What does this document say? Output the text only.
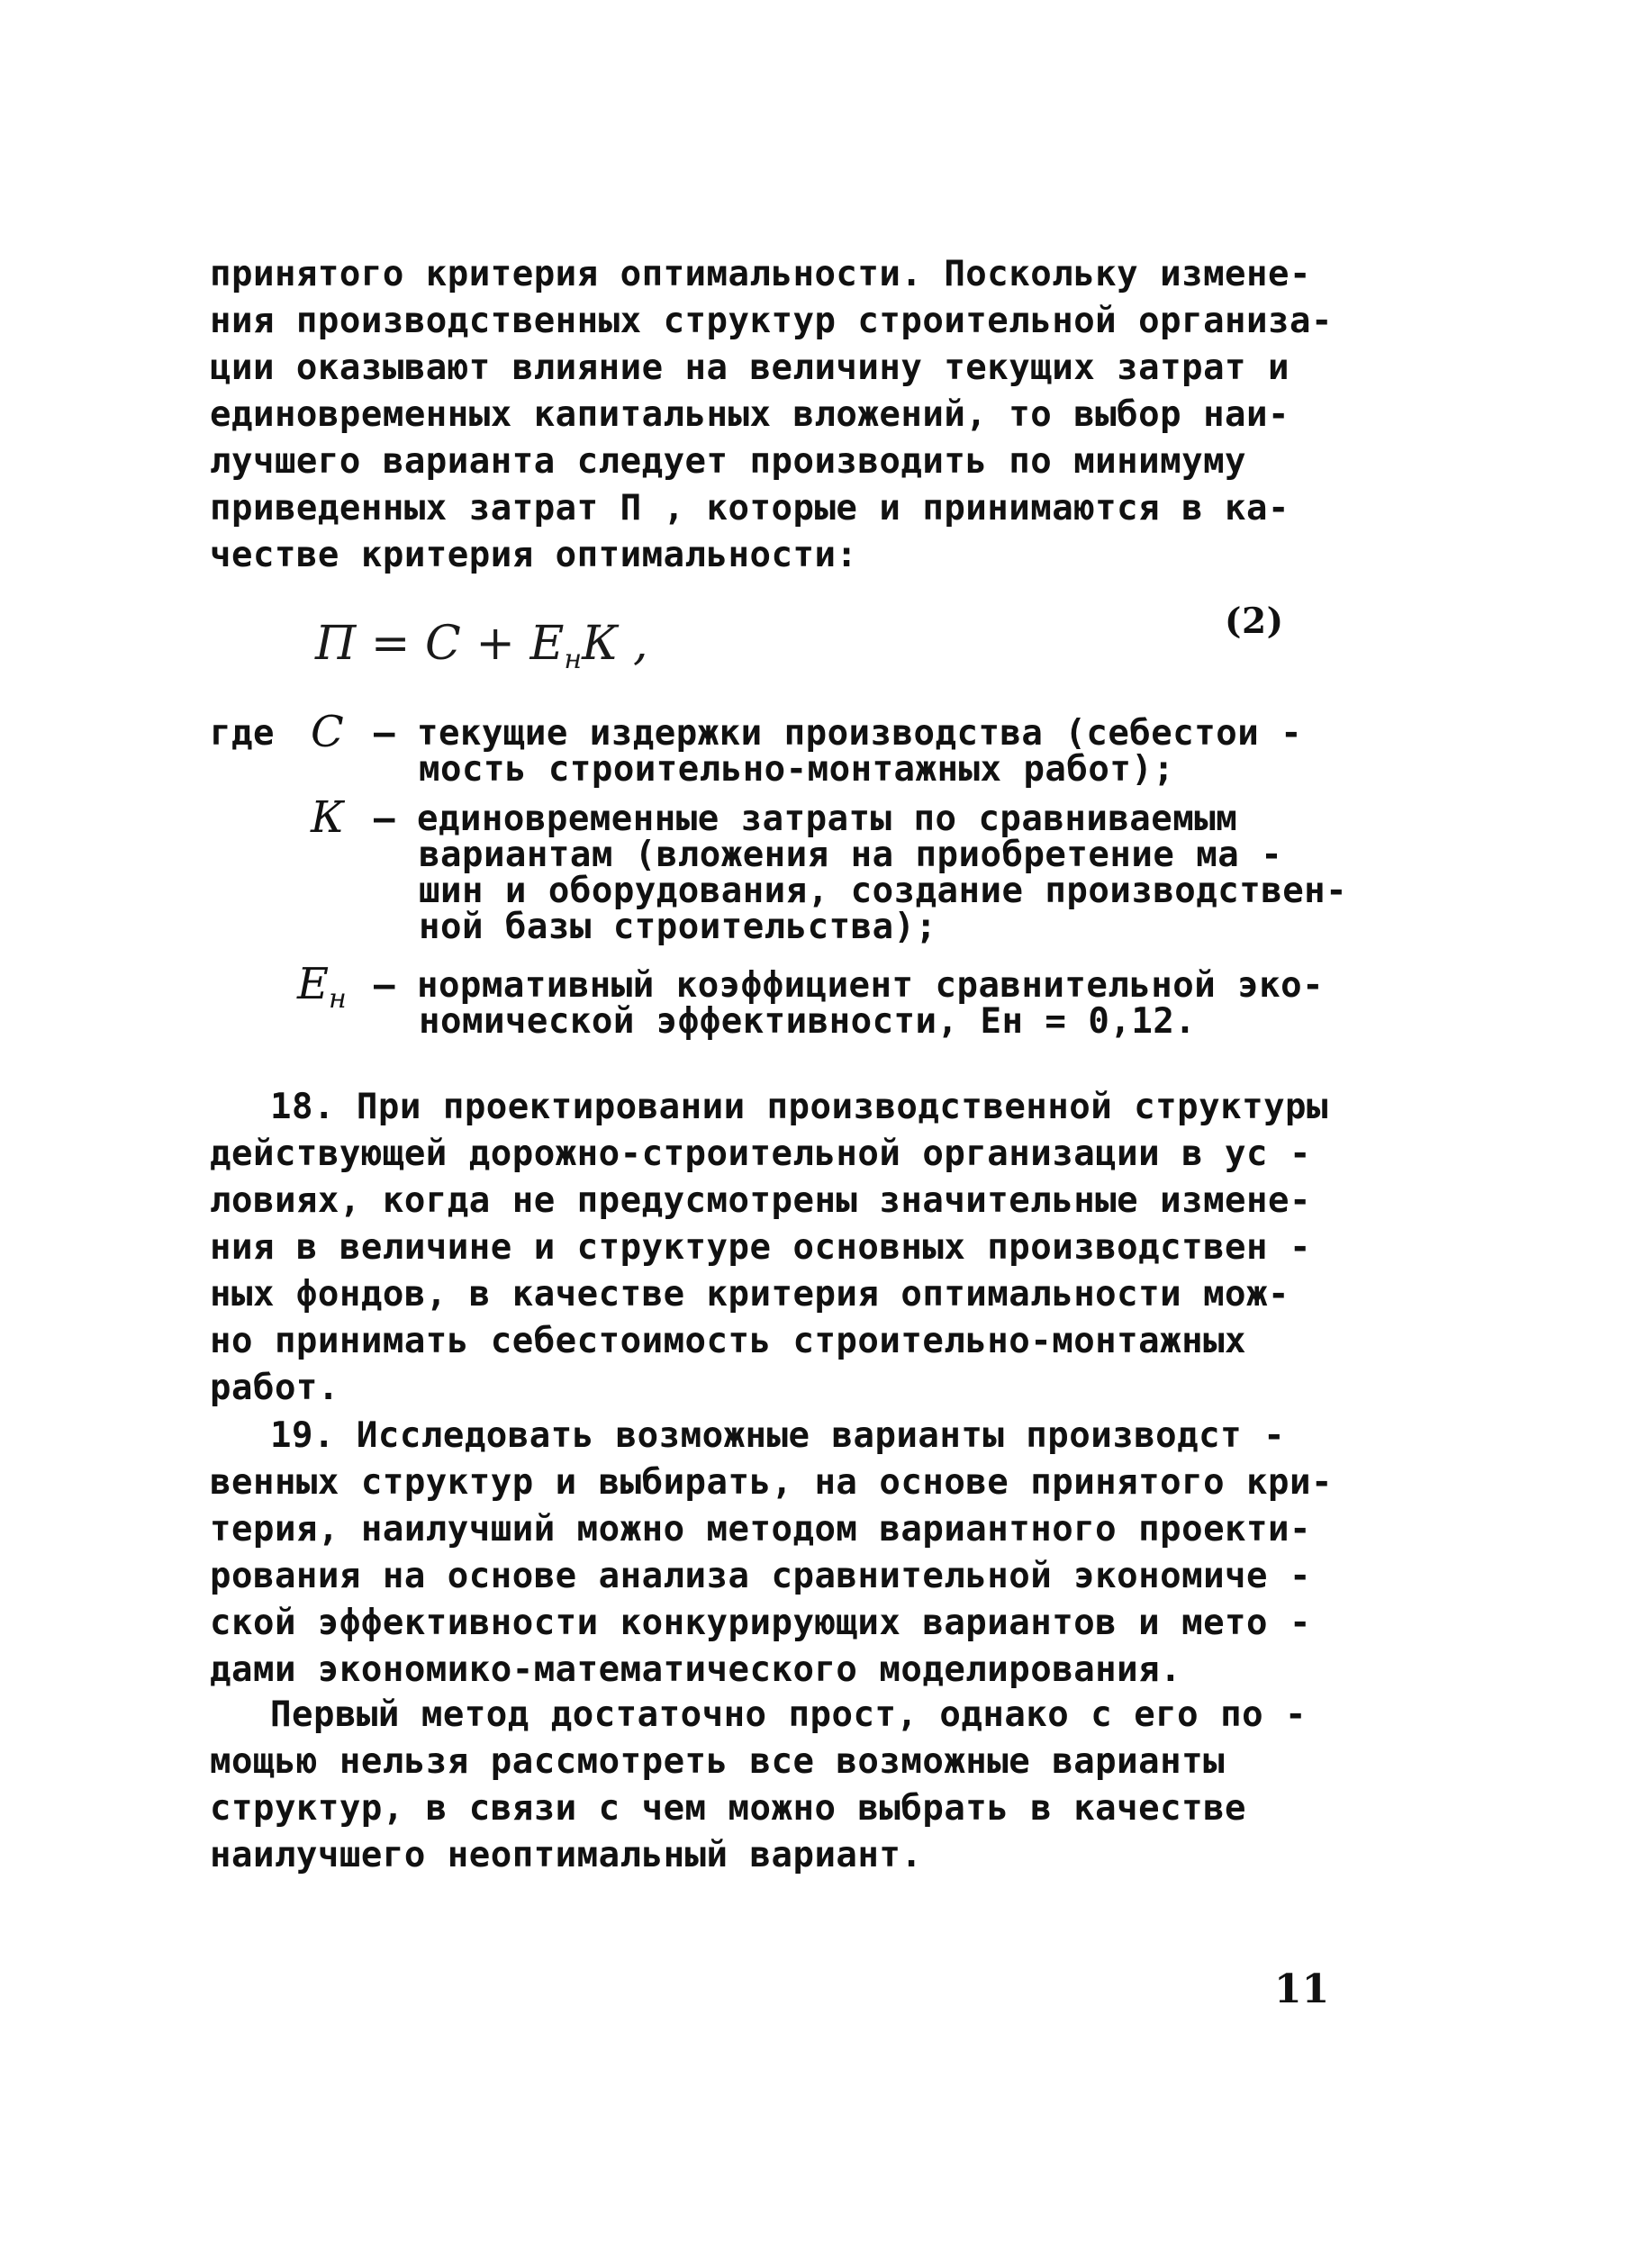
принятого критерия оптимальности. Поскольку измене-
ния производственных структур строительной организа-
ции оказывают влияние на величину текущих затрат и
единовременных капитальных вложений, то выбор наи-
лучшего варианта следует производить по минимуму
приведенных затрат П , которые и принимаются в ка-
честве критерия оптимальности:
$П = С + Е_нК$ ,	(2)
где С – текущие издержки производства (себестои -
мость строительно-монтажных работ);
К – единовременные затраты по сравниваемым
вариантам (вложения на приобретение ма -
шин и оборудования, создание производствен-
ной базы строительства);
$Е_н$ – нормативный коэффициент сравнительной эко-
номической эффективности, Ен = 0,12.
18. При проектировании производственной структуры
действующей дорожно-строительной организации в ус -
ловиях, когда не предусмотрены значительные измене-
ния в величине и структуре основных производствен -
ных фондов, в качестве критерия оптимальности мож-
но принимать себестоимость строительно-монтажных
работ.
19. Исследовать возможные варианты производст -
венных структур и выбирать, на основе принятого кри-
терия, наилучший можно методом вариантного проекти-
рования на основе анализа сравнительной экономиче -
ской эффективности конкурирующих вариантов и мето -
дами экономико-математического моделирования.
Первый метод достаточно прост, однако с его по -
мощью нельзя рассмотреть все возможные варианты
структур, в связи с чем можно выбрать в качестве
наилучшего неоптимальный вариант.
11
